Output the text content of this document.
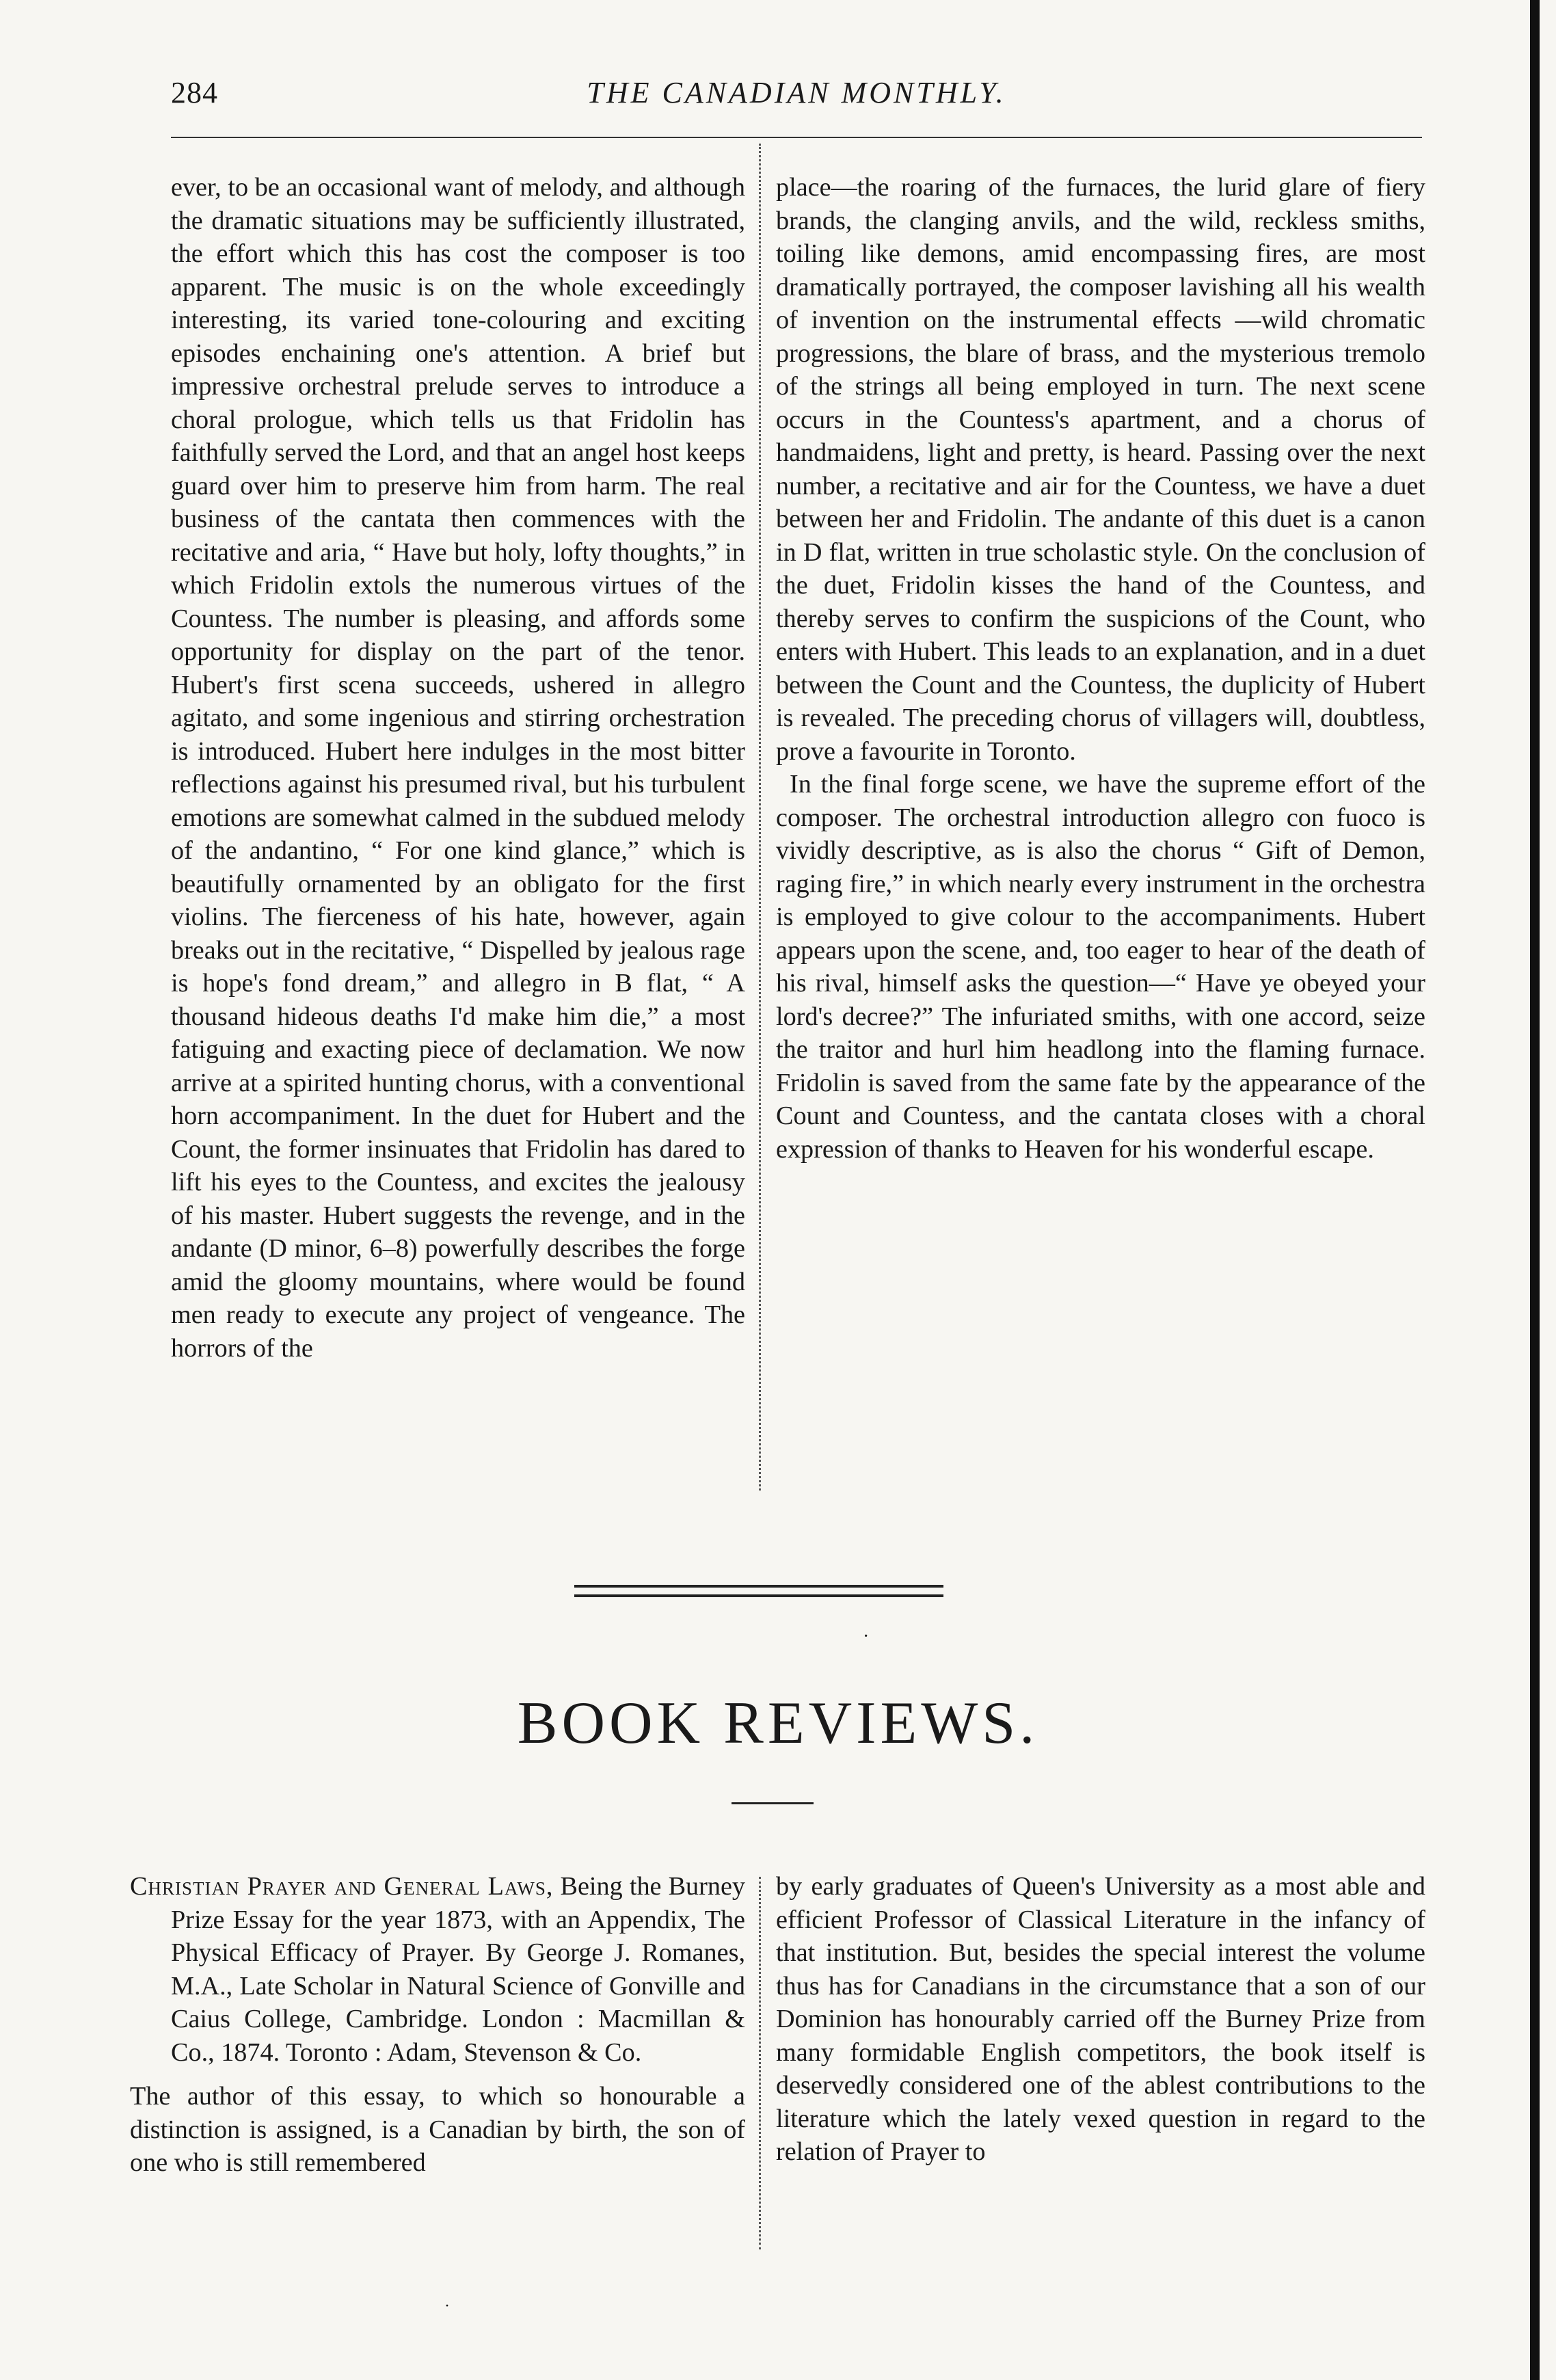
284	THE CANADIAN MONTHLY.

ever, to be an occasional want of melody, and although the dramatic situations may be sufficiently illustrated, the effort which this has cost the composer is too apparent. The music is on the whole exceedingly interesting, its varied tone-colouring and exciting episodes enchaining one's attention. A brief but impressive orchestral prelude serves to introduce a choral prologue, which tells us that Fridolin has faithfully served the Lord, and that an angel host keeps guard over him to preserve him from harm. The real business of the cantata then commences with the recitative and aria, “ Have but holy, lofty thoughts,” in which Fridolin extols the numerous virtues of the Countess. The number is pleasing, and affords some opportunity for display on the part of the tenor. Hubert's first scena succeeds, ushered in allegro agitato, and some ingenious and stirring orchestration is introduced. Hubert here indulges in the most bitter reflections against his presumed rival, but his turbulent emotions are somewhat calmed in the subdued melody of the andantino, “ For one kind glance,” which is beautifully ornamented by an obligato for the first violins. The fierceness of his hate, however, again breaks out in the recitative, “ Dispelled by jealous rage is hope's fond dream,” and allegro in B flat, “ A thousand hideous deaths I'd make him die,” a most fatiguing and exacting piece of declamation. We now arrive at a spirited hunting chorus, with a conventional horn accompaniment. In the duet for Hubert and the Count, the former insinuates that Fridolin has dared to lift his eyes to the Countess, and excites the jealousy of his master. Hubert suggests the revenge, and in the andante (D minor, 6–8) powerfully describes the forge amid the gloomy mountains, where would be found men ready to execute any project of vengeance. The horrors of the

place—the roaring of the furnaces, the lurid glare of fiery brands, the clanging anvils, and the wild, reckless smiths, toiling like demons, amid encompassing fires, are most dramatically portrayed, the composer lavishing all his wealth of invention on the instrumental effects —wild chromatic progressions, the blare of brass, and the mysterious tremolo of the strings all being employed in turn. The next scene occurs in the Countess's apartment, and a chorus of handmaidens, light and pretty, is heard. Passing over the next number, a recitative and air for the Countess, we have a duet between her and Fridolin. The andante of this duet is a canon in D flat, written in true scholastic style. On the conclusion of the duet, Fridolin kisses the hand of the Countess, and thereby serves to confirm the suspicions of the Count, who enters with Hubert. This leads to an explanation, and in a duet between the Count and the Countess, the duplicity of Hubert is revealed. The preceding chorus of villagers will, doubtless, prove a favourite in Toronto.

In the final forge scene, we have the supreme effort of the composer. The orchestral introduction allegro con fuoco is vividly descriptive, as is also the chorus “ Gift of Demon, raging fire,” in which nearly every instrument in the orchestra is employed to give colour to the accompaniments. Hubert appears upon the scene, and, too eager to hear of the death of his rival, himself asks the question—“ Have ye obeyed your lord's decree?” The infuriated smiths, with one accord, seize the traitor and hurl him headlong into the flaming furnace. Fridolin is saved from the same fate by the appearance of the Count and Countess, and the cantata closes with a choral expression of thanks to Heaven for his wonderful escape.

·
BOOK REVIEWS.

Christian Prayer and General Laws, Being the Burney Prize Essay for the year 1873, with an Appendix, The Physical Efficacy of Prayer. By George J. Romanes, M.A., Late Scholar in Natural Science of Gonville and Caius College, Cambridge. London : Macmillan & Co., 1874. Toronto : Adam, Stevenson & Co.

The author of this essay, to which so honourable a distinction is assigned, is a Canadian by birth, the son of one who is still remembered

by early graduates of Queen's University as a most able and efficient Professor of Classical Literature in the infancy of that institution. But, besides the special interest the volume thus has for Canadians in the circumstance that a son of our Dominion has honourably carried off the Burney Prize from many formidable English competitors, the book itself is deservedly considered one of the ablest contributions to the literature which the lately vexed question in regard to the relation of Prayer to

·
